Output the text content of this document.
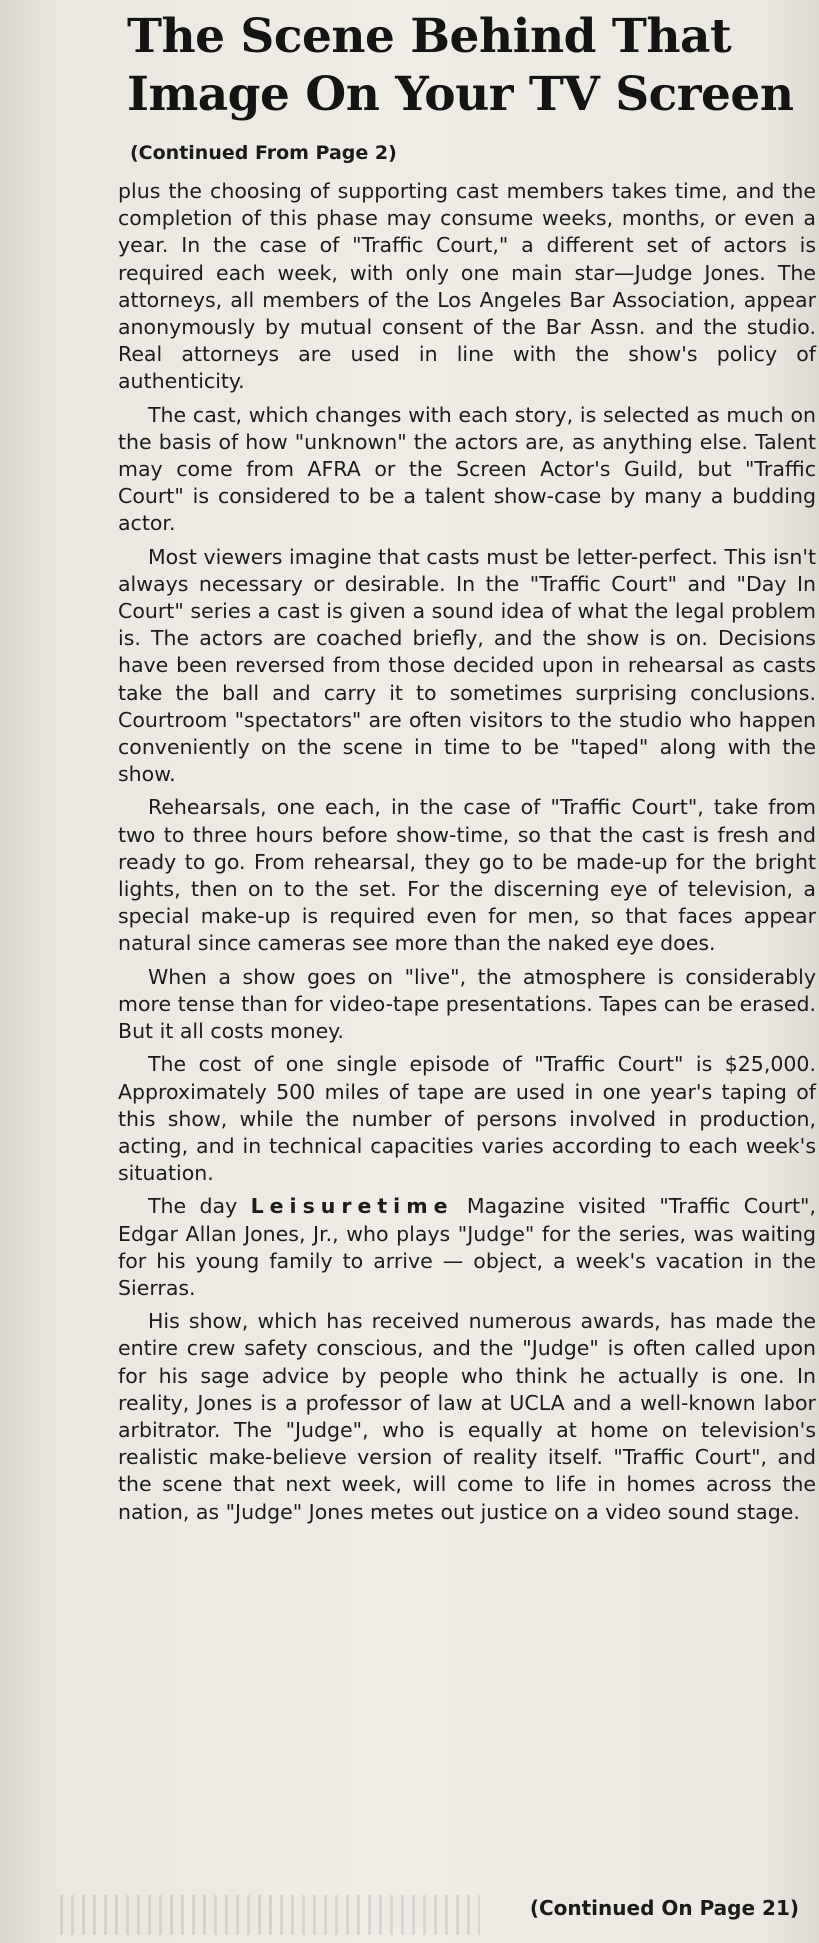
The Scene Behind That
Image On Your TV Screen
(Continued From Page 2)

plus the choosing of supporting cast members takes time, and the completion of this phase may consume weeks, months, or even a year. In the case of "Traffic Court," a different set of actors is required each week, with only one main star—Judge Jones. The attorneys, all members of the Los Angeles Bar Association, appear anonymously by mutual consent of the Bar Assn. and the studio. Real attorneys are used in line with the show's policy of authenticity.

The cast, which changes with each story, is selected as much on the basis of how "unknown" the actors are, as anything else. Talent may come from AFRA or the Screen Actor's Guild, but "Traffic Court" is considered to be a talent show-case by many a budding actor.

Most viewers imagine that casts must be letter-perfect. This isn't always necessary or desirable. In the "Traffic Court" and "Day In Court" series a cast is given a sound idea of what the legal problem is. The actors are coached briefly, and the show is on. Decisions have been reversed from those decided upon in rehearsal as casts take the ball and carry it to sometimes surprising conclusions. Courtroom "spectators" are often visitors to the studio who happen conveniently on the scene in time to be "taped" along with the show.

Rehearsals, one each, in the case of "Traffic Court", take from two to three hours before show-time, so that the cast is fresh and ready to go. From rehearsal, they go to be made-up for the bright lights, then on to the set. For the discerning eye of television, a special make-up is required even for men, so that faces appear natural since cameras see more than the naked eye does.

When a show goes on "live", the atmosphere is considerably more tense than for video-tape presentations. Tapes can be erased. But it all costs money.

The cost of one single episode of "Traffic Court" is $25,000. Approximately 500 miles of tape are used in one year's taping of this show, while the number of persons involved in production, acting, and in technical capacities varies according to each week's situation.

The day Leisuretime Magazine visited "Traffic Court", Edgar Allan Jones, Jr., who plays "Judge" for the series, was waiting for his young family to arrive — object, a week's vacation in the Sierras.

His show, which has received numerous awards, has made the entire crew safety conscious, and the "Judge" is often called upon for his sage advice by people who think he actually is one. In reality, Jones is a professor of law at UCLA and a well-known labor arbitrator. The "Judge", who is equally at home on television's realistic make-believe version of reality itself. "Traffic Court", and the scene that next week, will come to life in homes across the nation, as "Judge" Jones metes out justice on a video sound stage.

(Continued On Page 21)
